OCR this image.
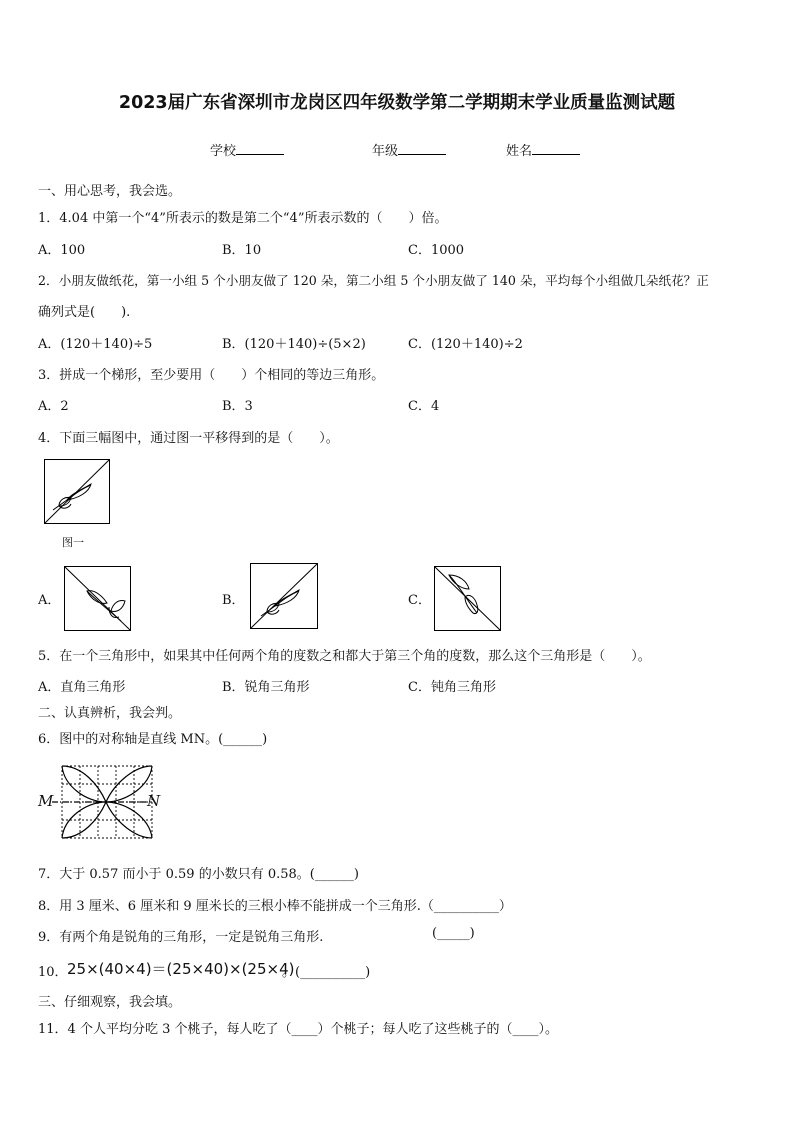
2023届广东省深圳市龙岗区四年级数学第二学期期末学业质量监测试题
学校	年级	姓名
一、用心思考，我会选。
1．4.04 中第一个“4”所表示的数是第二个“4”所表示数的（　　）倍。
A．100	B．10	C．1000
2．小朋友做纸花，第一小组 5 个小朋友做了 120 朵，第二小组 5 个小朋友做了 140 朵，平均每个小组做几朵纸花？正
确列式是(　　).
A．(120＋140)÷5	B．(120＋140)÷(5×2)	C．(120＋140)÷2
3．拼成一个梯形，至少要用（　　）个相同的等边三角形。
A．2	B．3	C．4
4．下面三幅图中，通过图一平移得到的是（　　）。
图一
A．	B．	C．
5．在一个三角形中，如果其中任何两个角的度数之和都大于第三个角的度数，那么这个三角形是（　　）。
A．直角三角形	B．锐角三角形	C．钝角三角形
二、认真辨析，我会判。
6．图中的对称轴是直线 MN。(______)
M	N
7．大于 0.57 而小于 0.59 的小数只有 0.58。(______)
8．用 3 厘米、6 厘米和 9 厘米长的三根小棒不能拼成一个三角形.（__________）
9．有两个角是锐角的三角形，一定是锐角三角形.	(_____)
10． 25×(40×4)＝(25×40)×(25×4)
。(__________)
三、仔细观察，我会填。
11．4 个人平均分吃 3 个桃子，每人吃了（____）个桃子；每人吃了这些桃子的（____）。
